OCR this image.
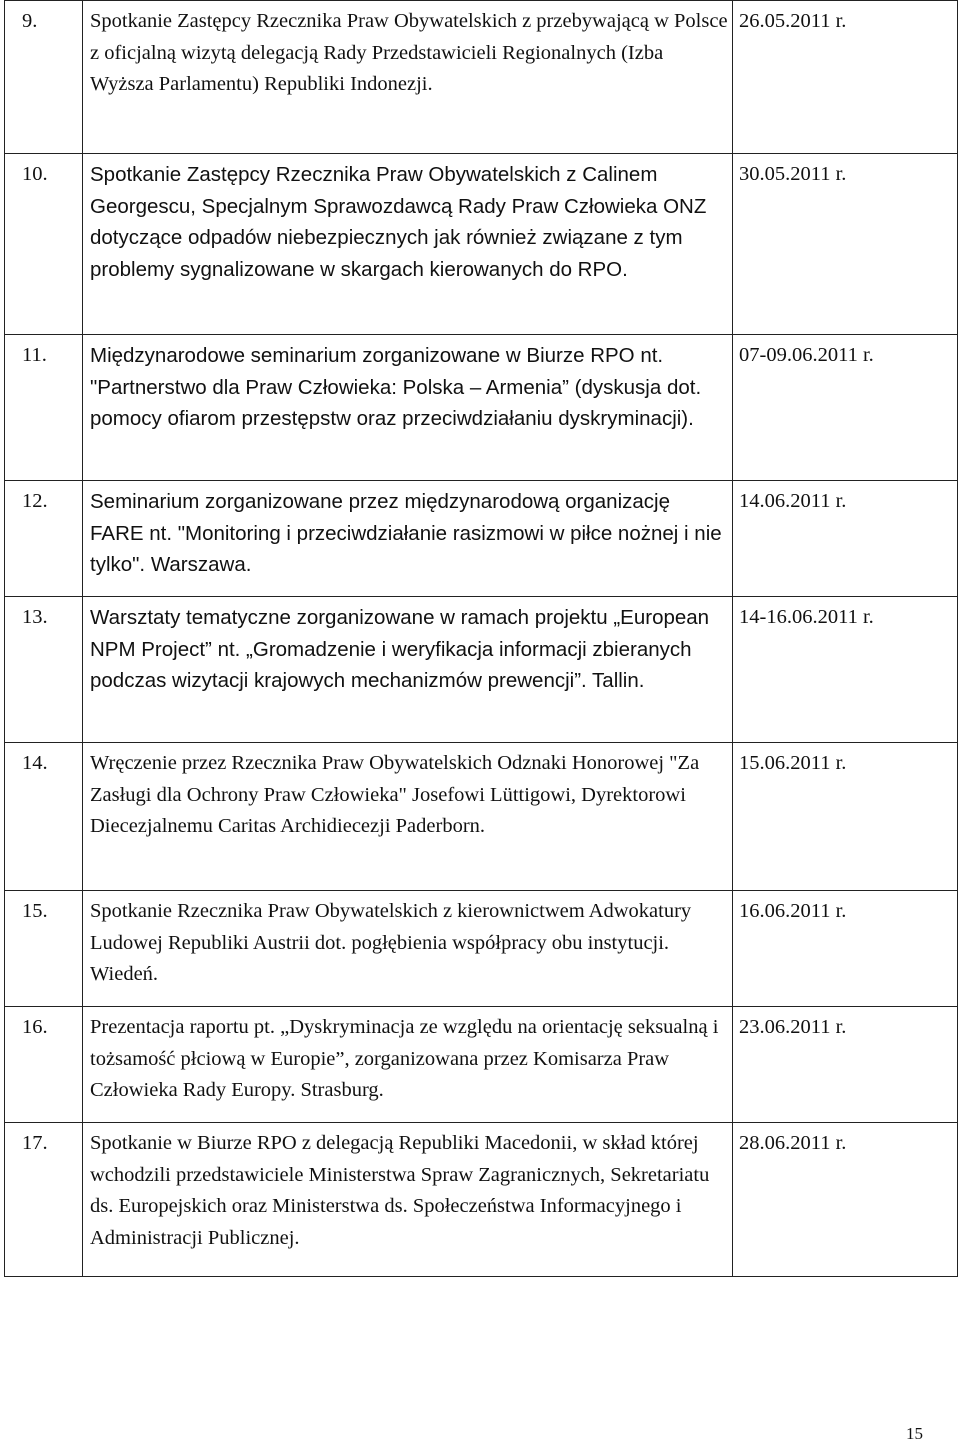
9.	Spotkanie Zastępcy Rzecznika Praw Obywatelskich z przebywającą w Polsce z oficjalną wizytą delegacją Rady Przedstawicieli Regionalnych (Izba Wyższa Parlamentu) Republiki Indonezji.	26.05.2011 r.
10.	Spotkanie Zastępcy Rzecznika Praw Obywatelskich z Calinem Georgescu, Specjalnym Sprawozdawcą Rady Praw Człowieka ONZ dotyczące odpadów niebezpiecznych jak również związane z tym problemy sygnalizowane w skargach kierowanych do RPO.	30.05.2011 r.
11.	Międzynarodowe seminarium zorganizowane w Biurze RPO nt. "Partnerstwo dla Praw Człowieka: Polska – Armenia” (dyskusja dot. pomocy ofiarom przestępstw oraz przeciwdziałaniu dyskryminacji).	07-09.06.2011 r.
12.	Seminarium zorganizowane przez międzynarodową organizację FARE nt. "Monitoring i przeciwdziałanie rasizmowi w piłce nożnej i nie tylko". Warszawa.	14.06.2011 r.
13.	Warsztaty tematyczne zorganizowane w ramach projektu „European NPM Project” nt. „Gromadzenie i weryfikacja informacji zbieranych podczas wizytacji krajowych mechanizmów prewencji”. Tallin.	14-16.06.2011 r.
14.	Wręczenie przez Rzecznika Praw Obywatelskich Odznaki Honorowej "Za Zasługi dla Ochrony Praw Człowieka" Josefowi Lüttigowi, Dyrektorowi Diecezjalnemu Caritas Archidiecezji Paderborn.	15.06.2011 r.
15.	Spotkanie Rzecznika Praw Obywatelskich z kierownictwem Adwokatury Ludowej Republiki Austrii dot. pogłębienia współpracy obu instytucji. Wiedeń.	16.06.2011 r.
16.	Prezentacja raportu pt. „Dyskryminacja ze względu na orientację seksualną i tożsamość płciową w Europie”, zorganizowana przez Komisarza Praw Człowieka Rady Europy. Strasburg.	23.06.2011 r.
17.	Spotkanie w Biurze RPO z delegacją Republiki Macedonii, w skład której wchodzili przedstawiciele Ministerstwa Spraw Zagranicznych, Sekretariatu ds. Europejskich oraz Ministerstwa ds. Społeczeństwa Informacyjnego i Administracji Publicznej.	28.06.2011 r.
15
